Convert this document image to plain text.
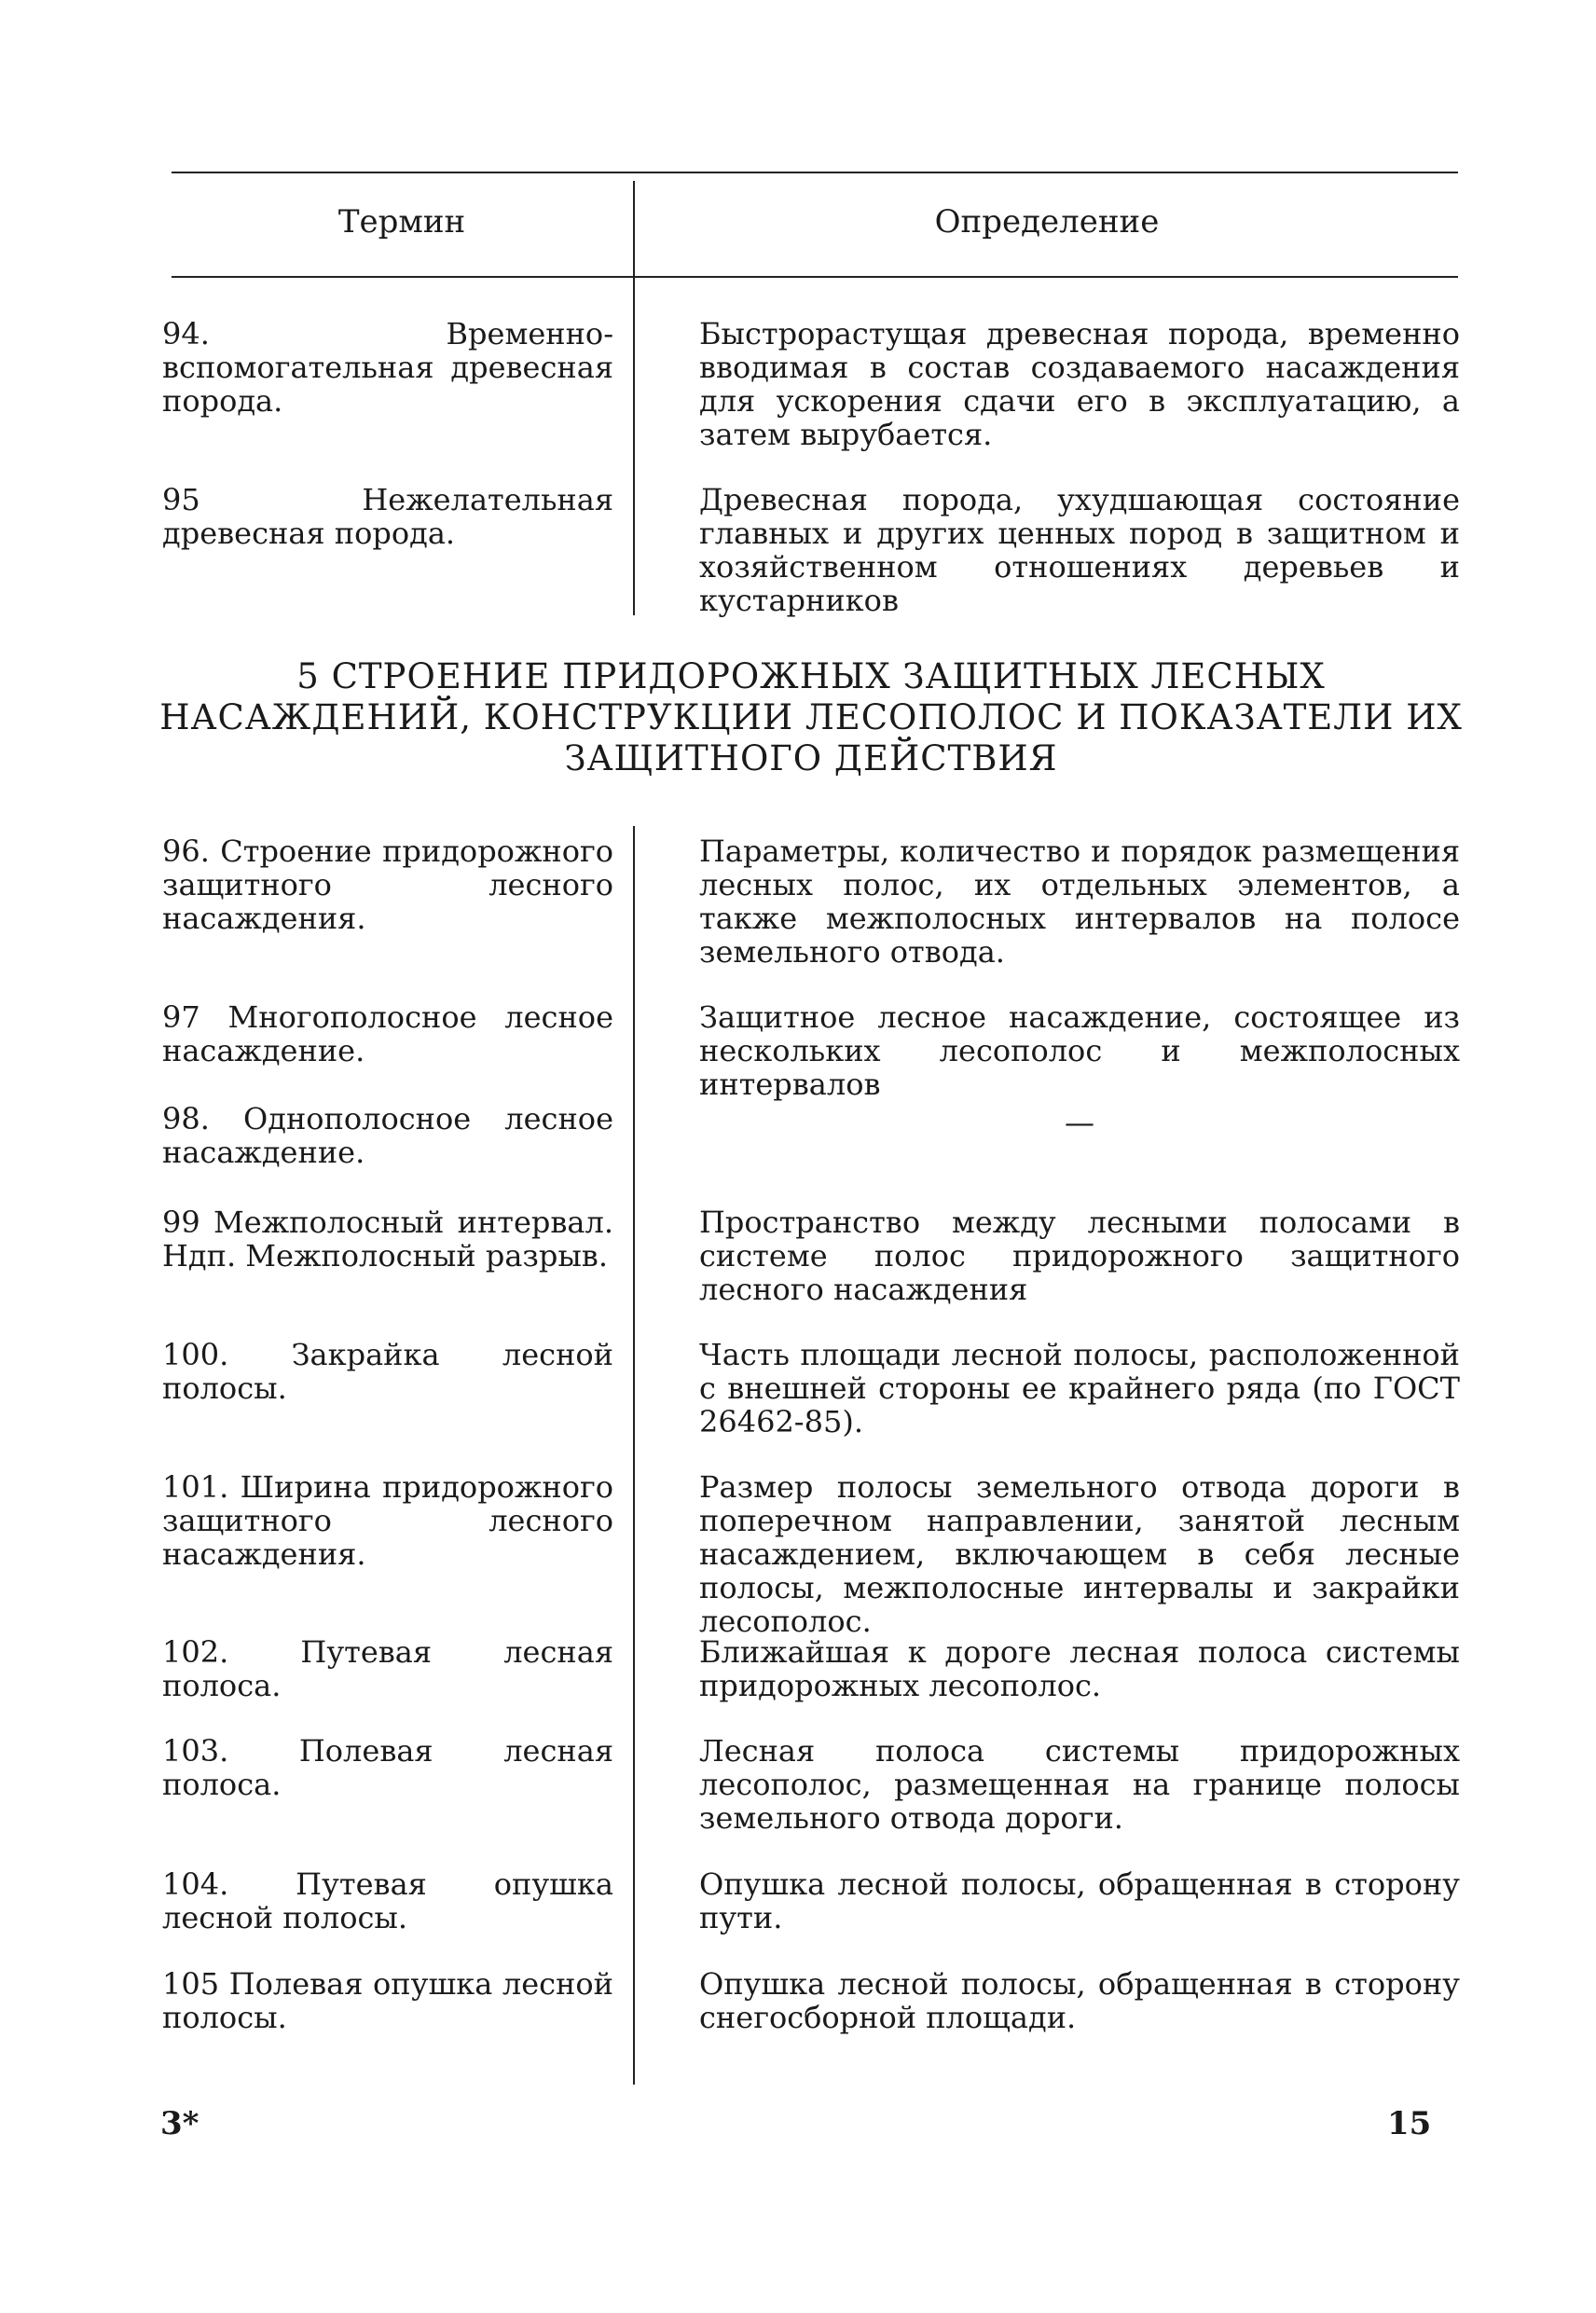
Термин	Определение
94. Временно-вспомогательная древесная порода.
Быстрорастущая древесная порода, временно вводимая в состав создаваемого насаждения для ускорения сдачи его в эксплуатацию, а затем вырубается.
95 Нежелательная древесная порода.
Древесная порода, ухудшающая состояние главных и других ценных пород в защитном и хозяйственном отношениях деревьев и кустарников
5 СТРОЕНИЕ ПРИДОРОЖНЫХ ЗАЩИТНЫХ ЛЕСНЫХ НАСАЖДЕНИЙ, КОНСТРУКЦИИ ЛЕСОПОЛОС И ПОКАЗАТЕЛИ ИХ ЗАЩИТНОГО ДЕЙСТВИЯ
96. Строение придорожного защитного лесного насаждения.
Параметры, количество и порядок размещения лесных полос, их отдельных элементов, а также межполосных интервалов на полосе земельного отвода.
97 Многополосное лесное насаждение.
Защитное лесное насаждение, состоящее из нескольких лесополос и межполосных интервалов
98. Однополосное лесное насаждение.
—
99 Межполосный интервал. Ндп. Межполосный разрыв.
Пространство между лесными полосами в системе полос придорожного защитного лесного насаждения
100. Закрайка лесной полосы.
Часть площади лесной полосы, расположенной с внешней стороны ее крайнего ряда (по ГОСТ 26462-85).
101. Ширина придорожного защитного лесного насаждения.
Размер полосы земельного отвода дороги в поперечном направлении, занятой лесным насаждением, включающем в себя лесные полосы, межполосные интервалы и закрайки лесополос.
102. Путевая лесная полоса.
Ближайшая к дороге лесная полоса системы придорожных лесополос.
103. Полевая лесная полоса.
Лесная полоса системы придорожных лесополос, размещенная на границе полосы земельного отвода дороги.
104. Путевая опушка лесной полосы.
Опушка лесной полосы, обращенная в сторону пути.
105 Полевая опушка лесной полосы.
Опушка лесной полосы, обращенная в сторону снегосборной площади.
3*	15
